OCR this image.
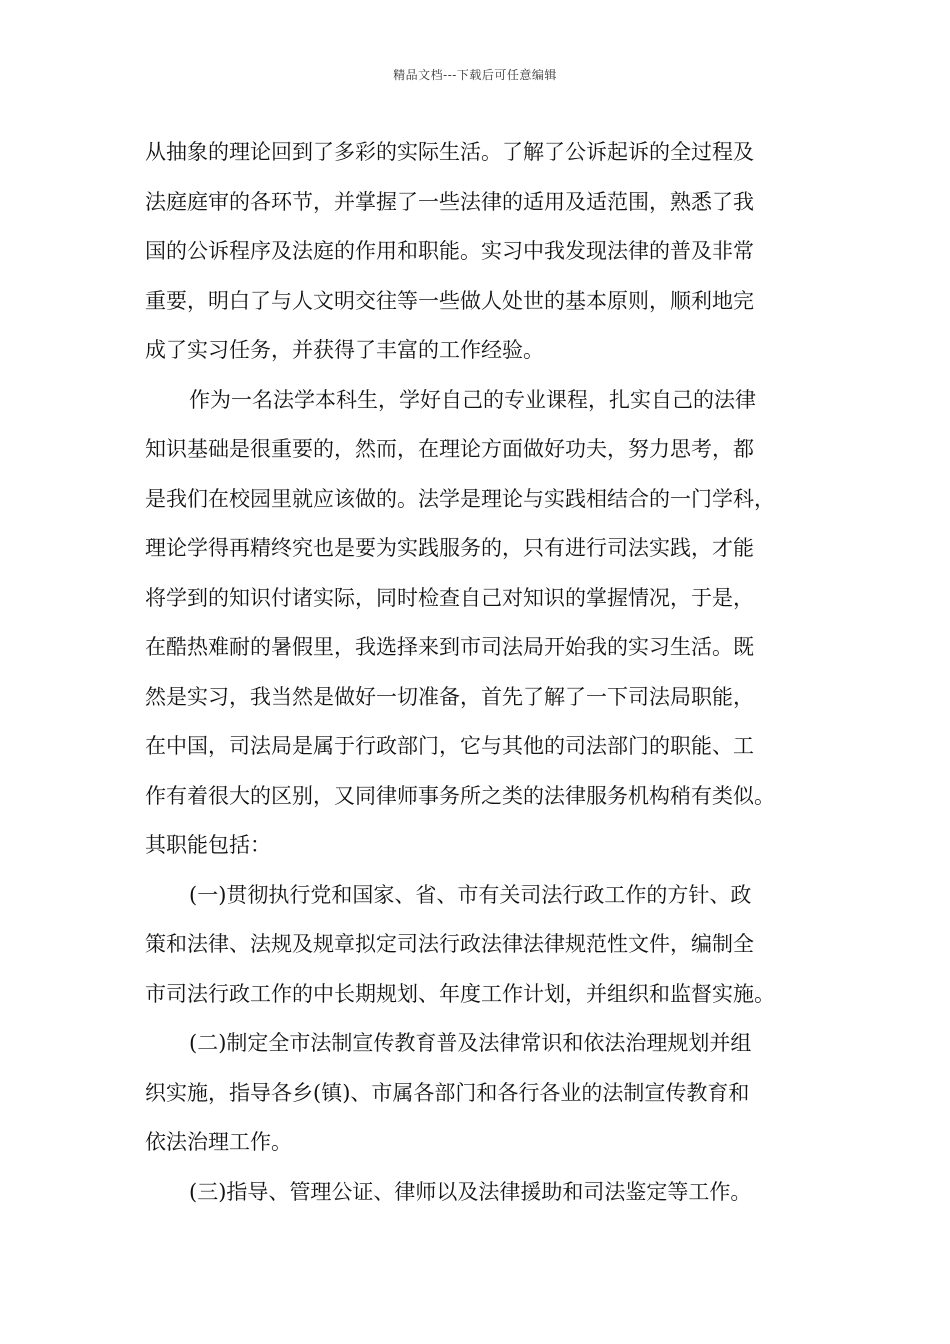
精品文档---下载后可任意编辑
从抽象的理论回到了多彩的实际生活。了解了公诉起诉的全过程及
法庭庭审的各环节，并掌握了一些法律的适用及适范围，熟悉了我
国的公诉程序及法庭的作用和职能。实习中我发现法律的普及非常
重要，明白了与人文明交往等一些做人处世的基本原则，顺利地完
成了实习任务，并获得了丰富的工作经验。
作为一名法学本科生，学好自己的专业课程，扎实自己的法律
知识基础是很重要的，然而，在理论方面做好功夫，努力思考，都
是我们在校园里就应该做的。法学是理论与实践相结合的一门学科，
理论学得再精终究也是要为实践服务的，只有进行司法实践，才能
将学到的知识付诸实际，同时检查自己对知识的掌握情况，于是，
在酷热难耐的暑假里，我选择来到市司法局开始我的实习生活。既
然是实习，我当然是做好一切准备，首先了解了一下司法局职能，
在中国，司法局是属于行政部门，它与其他的司法部门的职能、工
作有着很大的区别，又同律师事务所之类的法律服务机构稍有类似。
其职能包括：
(一)贯彻执行党和国家、省、市有关司法行政工作的方针、政
策和法律、法规及规章拟定司法行政法律法律规范性文件，编制全
市司法行政工作的中长期规划、年度工作计划，并组织和监督实施。
(二)制定全市法制宣传教育普及法律常识和依法治理规划并组
织实施，指导各乡(镇)、市属各部门和各行各业的法制宣传教育和
依法治理工作。
(三)指导、管理公证、律师以及法律援助和司法鉴定等工作。
